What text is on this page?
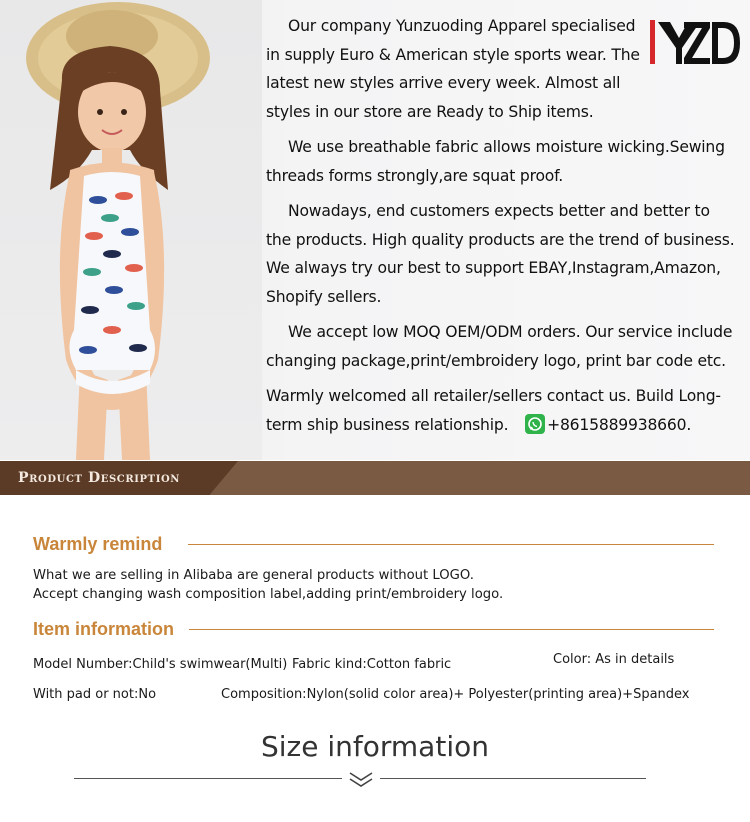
Our company Yunzuoding Apparel specialised in supply Euro & American style sports wear. The latest new styles arrive every week. Almost all styles in our store are Ready to Ship items.

We use breathable fabric allows moisture wicking.Sewing threads forms strongly,are squat proof.

Nowadays, end customers expects better and better to the products. High quality products are the trend of business. We always try our best to support EBAY,Instagram,Amazon, Shopify sellers.

We accept low MOQ OEM/ODM orders. Our service include changing package,print/embroidery logo, print bar code etc.

Warmly welcomed all retailer/sellers contact us. Build Long-term ship business relationship. +8615889938660.

Product Description
Warmly remind
What we are selling in Alibaba are general products without LOGO.
Accept changing wash composition label,adding print/embroidery logo.
Item information
Model Number:Child's swimwear(Multi) Fabric kind:Cotton fabric	Color: As in details
With pad or not:No	Composition:Nylon(solid color area)+ Polyester(printing area)+Spandex
Size information
